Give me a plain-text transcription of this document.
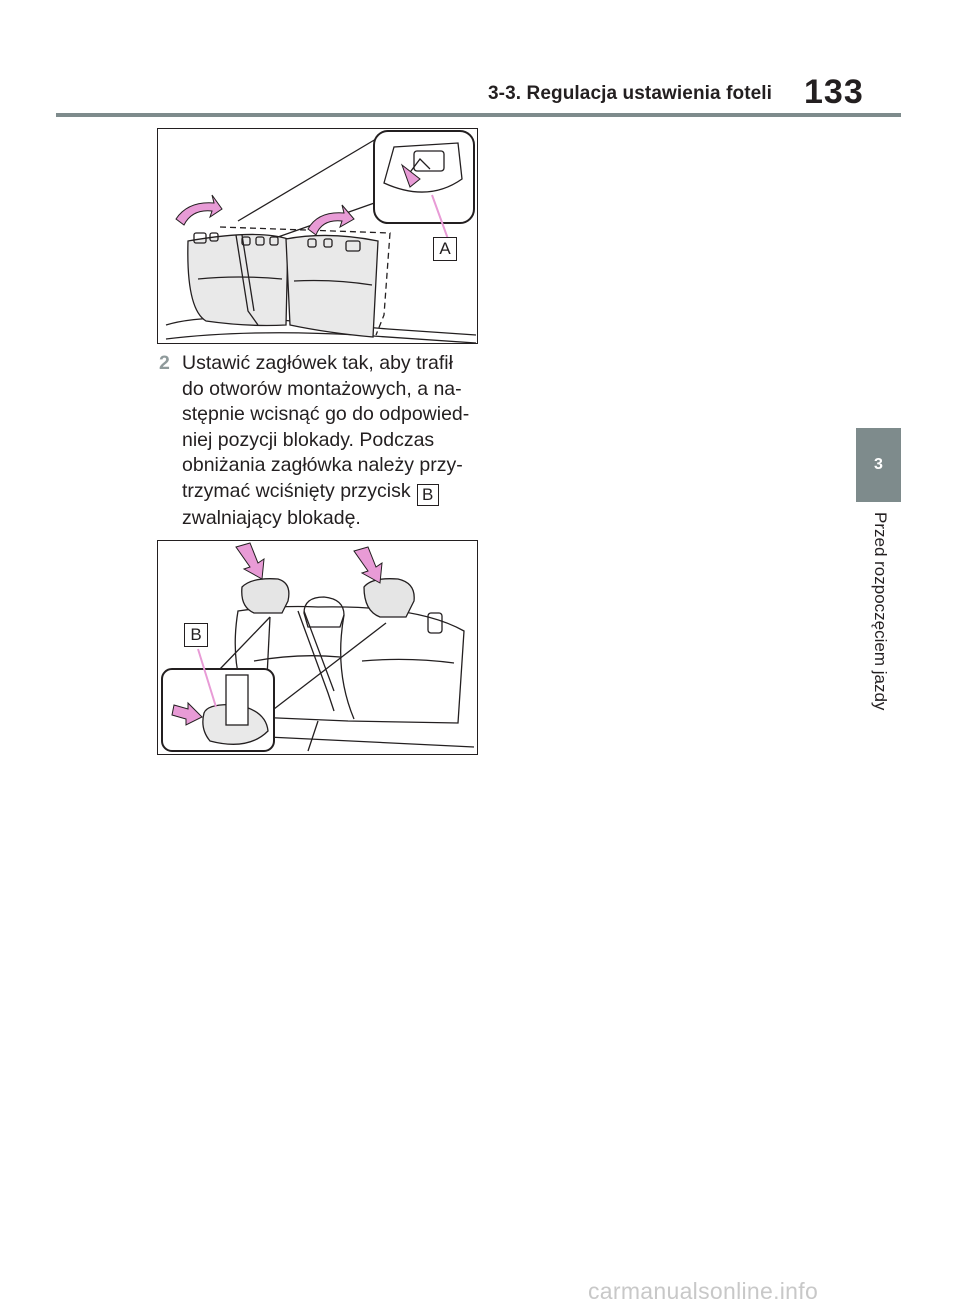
3-3. Regulacja ustawienia foteli 133
3
Przed rozpoczęciem jazdy
A
2 Ustawić zagłówek tak, aby trafił
do otworów montażowych, a na-
stępnie wcisnąć go do odpowied-
niej pozycji blokady. Podczas
obniżania zagłówka należy przy-
trzymać wciśnięty przycisk B
zwalniający blokadę.
B
carmanualsonline.info
